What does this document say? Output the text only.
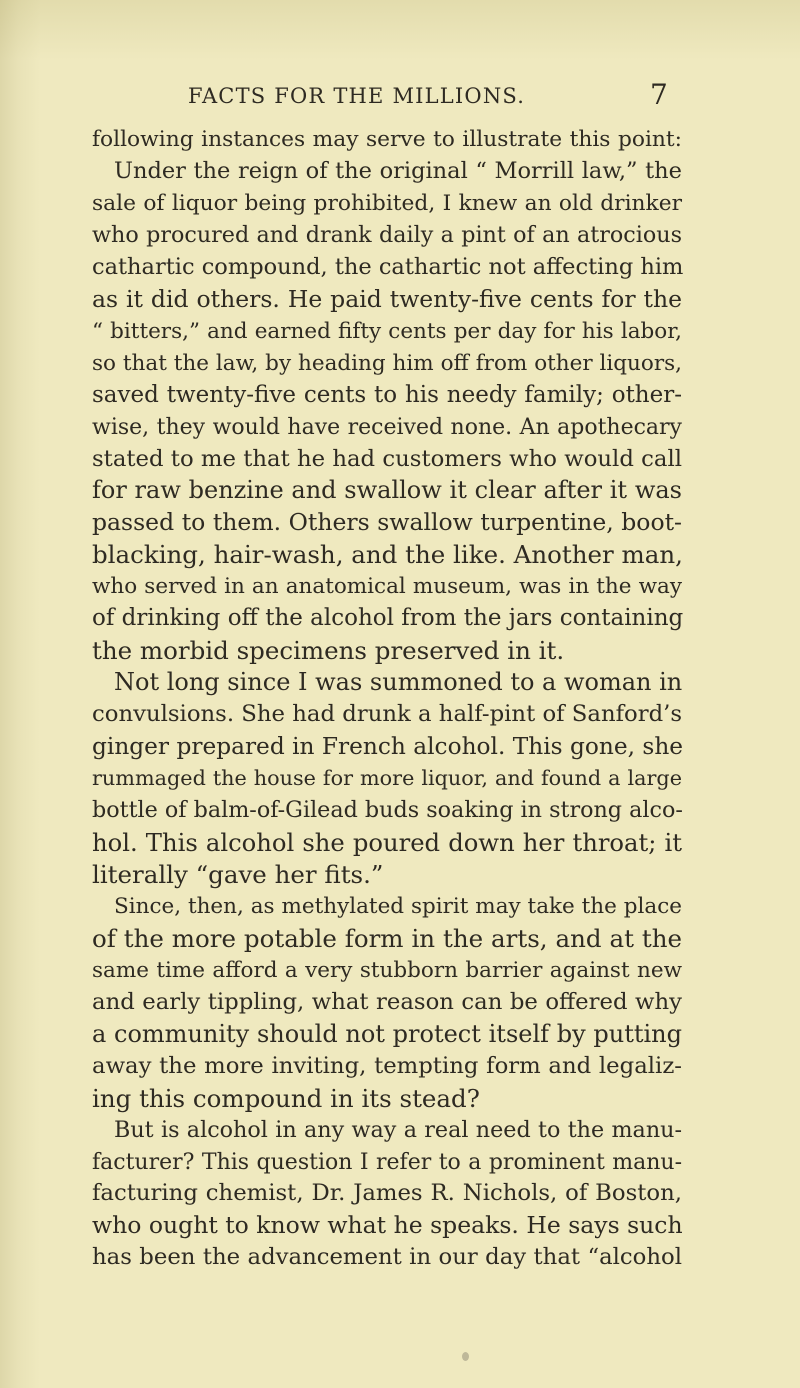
FACTS FOR THE MILLIONS.	7
following instances may serve to illustrate this point:
Under the reign of the original “ Morrill law,” the
sale of liquor being prohibited, I knew an old drinker
who procured and drank daily a pint of an atrocious
cathartic compound, the cathartic not affecting him
as it did others. He paid twenty-five cents for the
“ bitters,” and earned fifty cents per day for his labor,
so that the law, by heading him off from other liquors,
saved twenty-five cents to his needy family; other-
wise, they would have received none. An apothecary
stated to me that he had customers who would call
for raw benzine and swallow it clear after it was
passed to them. Others swallow turpentine, boot-
blacking, hair-wash, and the like. Another man,
who served in an anatomical museum, was in the way
of drinking off the alcohol from the jars containing
the morbid specimens preserved in it.
Not long since I was summoned to a woman in
convulsions. She had drunk a half-pint of Sanford’s
ginger prepared in French alcohol. This gone, she
rummaged the house for more liquor, and found a large
bottle of balm-of-Gilead buds soaking in strong alco-
hol. This alcohol she poured down her throat; it
literally “gave her fits.”
Since, then, as methylated spirit may take the place
of the more potable form in the arts, and at the
same time afford a very stubborn barrier against new
and early tippling, what reason can be offered why
a community should not protect itself by putting
away the more inviting, tempting form and legaliz-
ing this compound in its stead?
But is alcohol in any way a real need to the manu-
facturer? This question I refer to a prominent manu-
facturing chemist, Dr. James R. Nichols, of Boston,
who ought to know what he speaks. He says such
has been the advancement in our day that “alcohol
